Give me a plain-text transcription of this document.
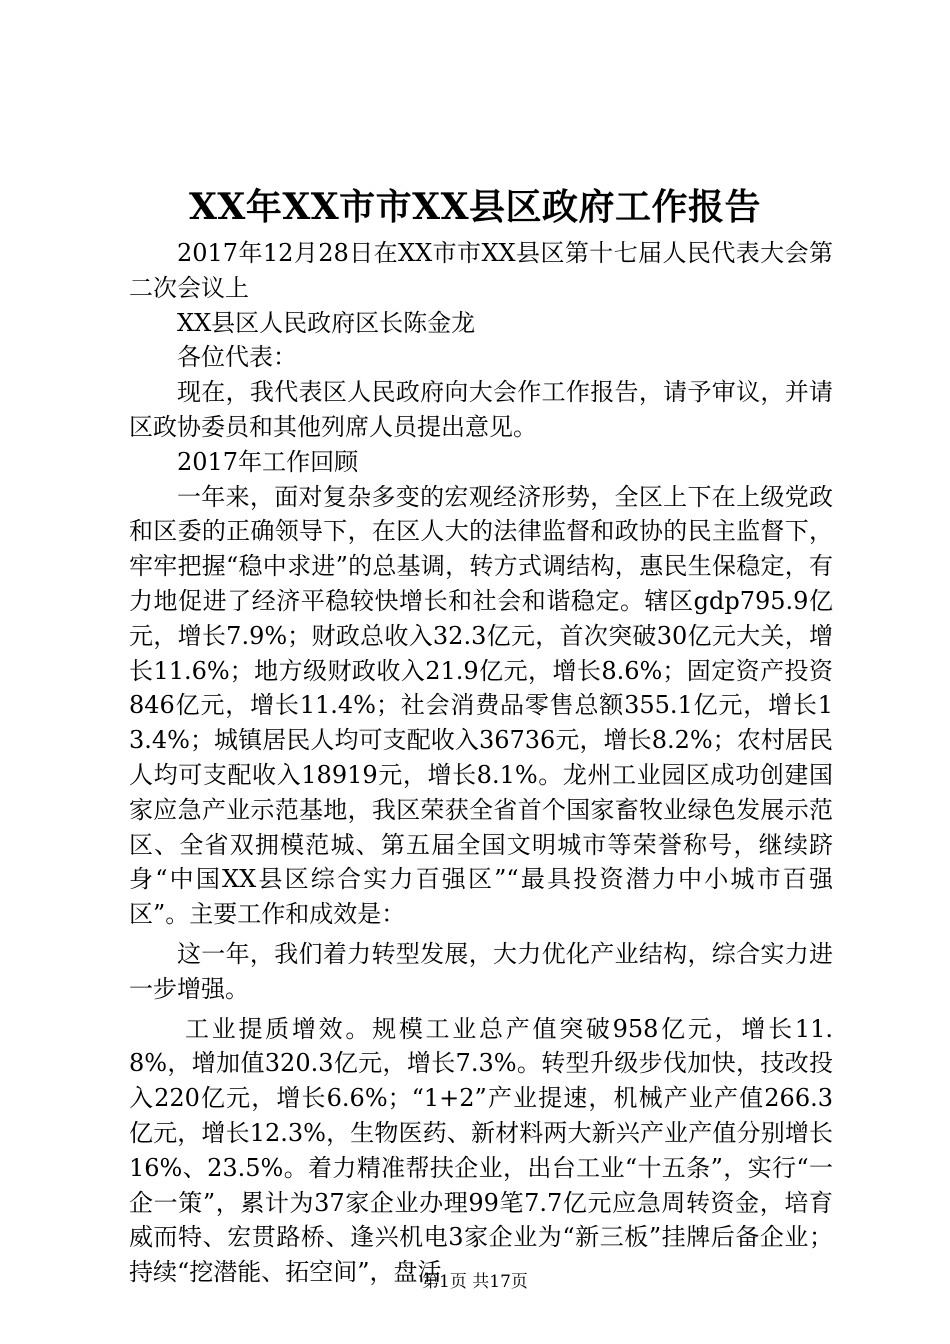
XX年XX市市XX县区政府工作报告

2017年12月28日在XX市市XX县区第十七届人民代表大会第二次会议上

XX县区人民政府区长陈金龙

各位代表：

现在，我代表区人民政府向大会作工作报告，请予审议，并请区政协委员和其他列席人员提出意见。

2017年工作回顾

一年来，面对复杂多变的宏观经济形势，全区上下在上级党政和区委的正确领导下，在区人大的法律监督和政协的民主监督下，牢牢把握“稳中求进”的总基调，转方式调结构，惠民生保稳定，有力地促进了经济平稳较快增长和社会和谐稳定。辖区gdp795.9亿元，增长7.9%；财政总收入32.3亿元，首次突破30亿元大关，增长11.6%；地方级财政收入21.9亿元，增长8.6%；固定资产投资846亿元，增长11.4%；社会消费品零售总额355.1亿元，增长13.4%；城镇居民人均可支配收入36736元，增长8.2%；农村居民人均可支配收入18919元，增长8.1%。龙州工业园区成功创建国家应急产业示范基地，我区荣获全省首个国家畜牧业绿色发展示范区、全省双拥模范城、第五届全国文明城市等荣誉称号，继续跻身“中国XX县区综合实力百强区”“最具投资潜力中小城市百强区”。主要工作和成效是：

这一年，我们着力转型发展，大力优化产业结构，综合实力进一步增强。

工业提质增效。规模工业总产值突破958亿元，增长11.8%，增加值320.3亿元，增长7.3%。转型升级步伐加快，技改投入220亿元，增长6.6%；“1+2”产业提速，机械产业产值266.3亿元，增长12.3%，生物医药、新材料两大新兴产业产值分别增长16%、23.5%。着力精准帮扶企业，出台工业“十五条”，实行“一企一策”，累计为37家企业办理99笔7.7亿元应急周转资金，培育威而特、宏贯路桥、逢兴机电3家企业为“新三板”挂牌后备企业；持续“挖潜能、拓空间”，盘活

第1页 共17页
